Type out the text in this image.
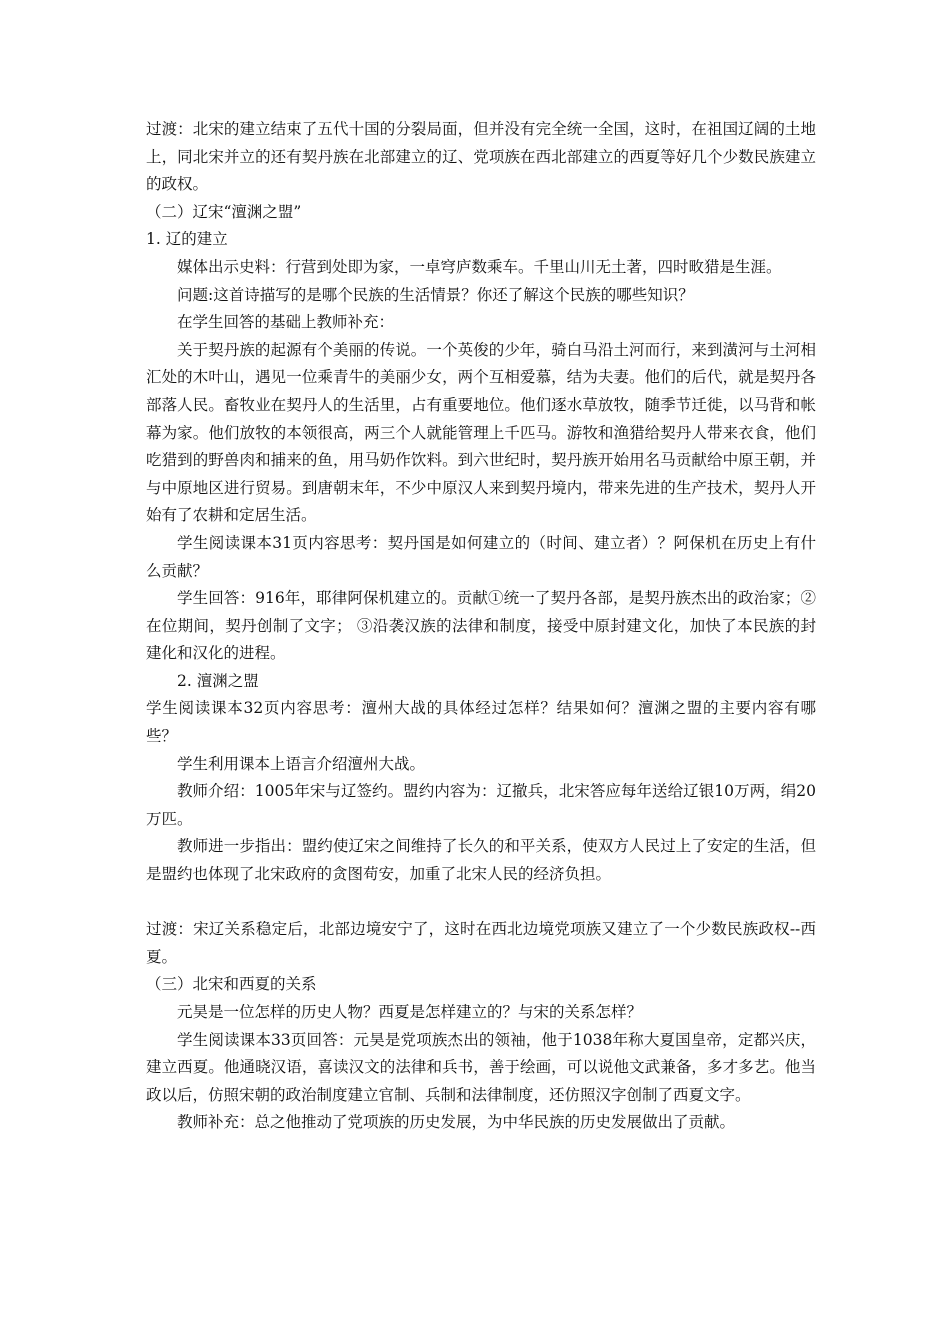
过渡：北宋的建立结束了五代十国的分裂局面，但并没有完全统一全国，这时，在祖国辽阔的土地上，同北宋并立的还有契丹族在北部建立的辽、党项族在西北部建立的西夏等好几个少数民族建立的政权。

（二）辽宋“澶渊之盟”

1. 辽的建立

媒体出示史料：行营到处即为家，一卓穹庐数乘车。千里山川无土著，四时畋猎是生涯。

问题:这首诗描写的是哪个民族的生活情景？你还了解这个民族的哪些知识？

在学生回答的基础上教师补充：

关于契丹族的起源有个美丽的传说。一个英俊的少年，骑白马沿土河而行，来到潢河与土河相汇处的木叶山，遇见一位乘青牛的美丽少女，两个互相爱慕，结为夫妻。他们的后代，就是契丹各部落人民。畜牧业在契丹人的生活里，占有重要地位。他们逐水草放牧，随季节迁徙，以马背和帐幕为家。他们放牧的本领很高，两三个人就能管理上千匹马。游牧和渔猎给契丹人带来衣食，他们吃猎到的野兽肉和捕来的鱼，用马奶作饮料。到六世纪时，契丹族开始用名马贡献给中原王朝，并与中原地区进行贸易。到唐朝末年，不少中原汉人来到契丹境内，带来先进的生产技术，契丹人开始有了农耕和定居生活。

学生阅读课本31页内容思考：契丹国是如何建立的（时间、建立者）？阿保机在历史上有什么贡献？

学生回答：916年，耶律阿保机建立的。贡献①统一了契丹各部，是契丹族杰出的政治家；②在位期间，契丹创制了文字； ③沿袭汉族的法律和制度，接受中原封建文化，加快了本民族的封建化和汉化的进程。

2. 澶渊之盟

学生阅读课本32页内容思考：澶州大战的具体经过怎样？结果如何？澶渊之盟的主要内容有哪些？

学生利用课本上语言介绍澶州大战。

教师介绍：1005年宋与辽签约。盟约内容为：辽撤兵，北宋答应每年送给辽银10万两，绢20万匹。

教师进一步指出：盟约使辽宋之间维持了长久的和平关系，使双方人民过上了安定的生活，但是盟约也体现了北宋政府的贪图苟安，加重了北宋人民的经济负担。

过渡：宋辽关系稳定后，北部边境安宁了，这时在西北边境党项族又建立了一个少数民族政权--西夏。

（三）北宋和西夏的关系

元昊是一位怎样的历史人物？西夏是怎样建立的？与宋的关系怎样？

学生阅读课本33页回答：元昊是党项族杰出的领袖，他于1038年称大夏国皇帝，定都兴庆，建立西夏。他通晓汉语，喜读汉文的法律和兵书，善于绘画，可以说他文武兼备，多才多艺。他当政以后，仿照宋朝的政治制度建立官制、兵制和法律制度，还仿照汉字创制了西夏文字。

教师补充：总之他推动了党项族的历史发展，为中华民族的历史发展做出了贡献。
